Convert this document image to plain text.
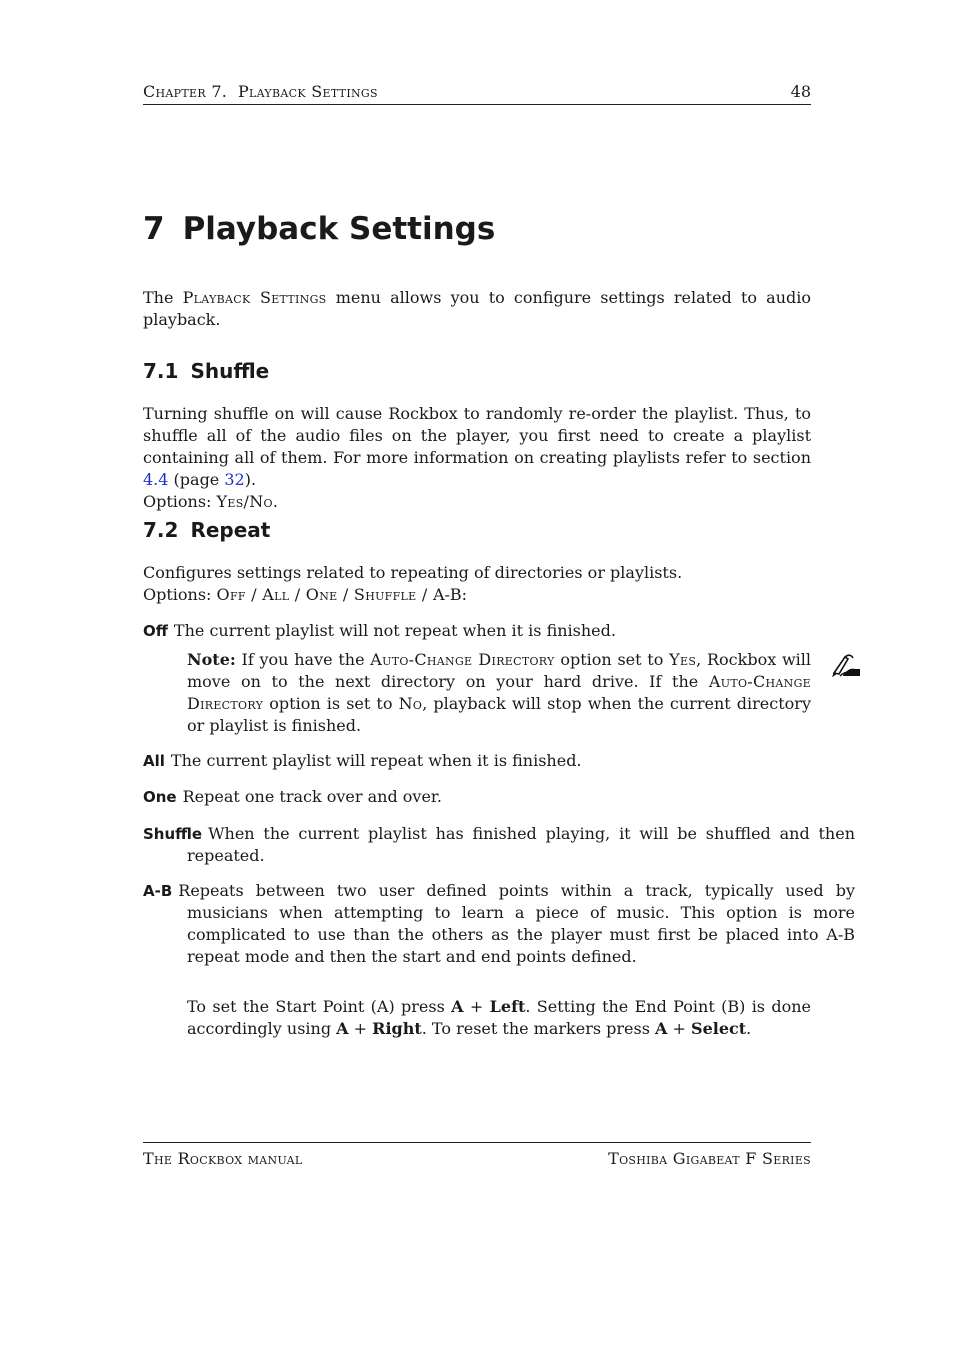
Chapter 7. Playback Settings	48
7 Playback Settings

The Playback Settings menu allows you to configure settings related to audio playback.

7.1 Shuffle

Turning shuffle on will cause Rockbox to randomly re-order the playlist. Thus, to shuffle all of the audio files on the player, you first need to create a playlist containing all of them. For more information on creating playlists refer to section 4.4 (page 32).
Options: Yes/No.

7.2 Repeat

Configures settings related to repeating of directories or playlists.
Options: Off / All / One / Shuffle / A-B:

Off The current playlist will not repeat when it is finished.
Note: If you have the Auto-Change Directory option set to Yes, Rockbox will move on to the next directory on your hard drive. If the Auto-Change Directory option is set to No, playback will stop when the current directory or playlist is finished.
All The current playlist will repeat when it is finished.
One Repeat one track over and over.
Shuffle When the current playlist has finished playing, it will be shuffled and then repeated.
A-B Repeats between two user defined points within a track, typically used by musicians when attempting to learn a piece of music. This option is more complicated to use than the others as the player must first be placed into A-B repeat mode and then the start and end points defined.
To set the Start Point (A) press A + Left. Setting the End Point (B) is done accordingly using A + Right. To reset the markers press A + Select.
The Rockbox manual	Toshiba Gigabeat F Series
